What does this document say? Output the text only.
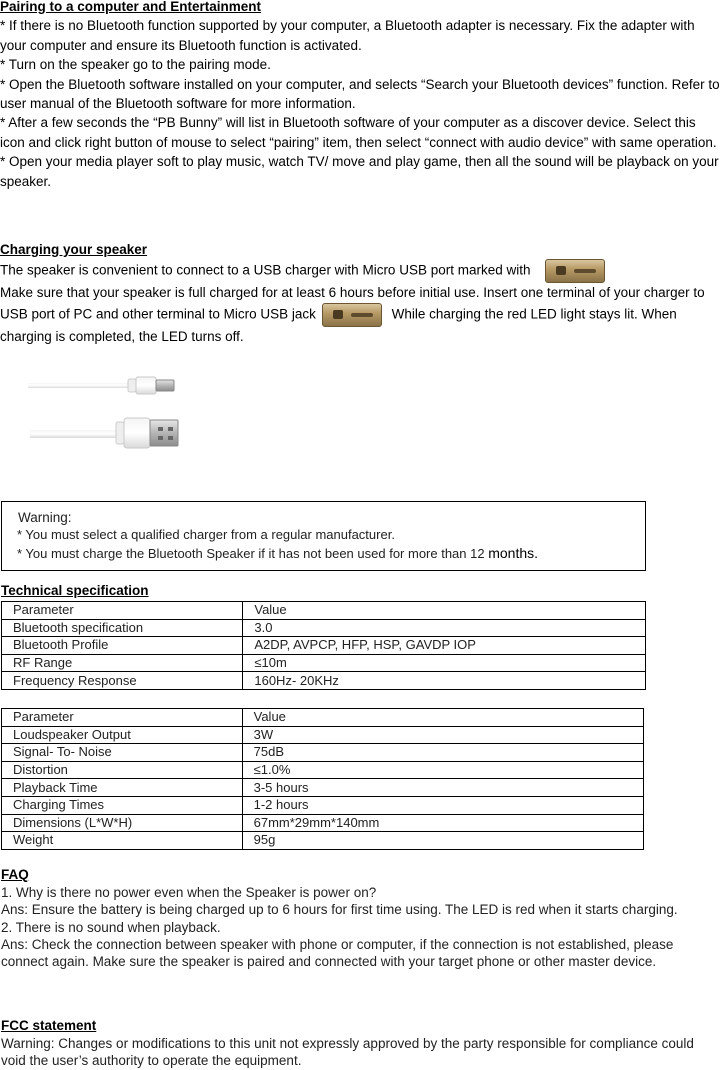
Pairing to a computer and Entertainment
* If there is no Bluetooth function supported by your computer, a Bluetooth adapter is necessary. Fix the adapter with your computer and ensure its Bluetooth function is activated.
* Turn on the speaker go to the pairing mode.
* Open the Bluetooth software installed on your computer, and selects “Search your Bluetooth devices” function. Refer to user manual of the Bluetooth software for more information.
* After a few seconds the “PB Bunny” will list in Bluetooth software of your computer as a discover device. Select this icon and click right button of mouse to select “pairing” item, then select “connect with audio device” with same operation.
* Open your media player soft to play music, watch TV/ move and play game, then all the sound will be playback on your speaker.
Charging your speaker
The speaker is convenient to connect to a USB charger with Micro USB port marked with
Make sure that your speaker is full charged for at least 6 hours before initial use. Insert one terminal of your charger to USB port of PC and other terminal to Micro USB jack	While charging the red LED light stays lit. When charging is completed, the LED turns off.
Warning:
* You must select a qualified charger from a regular manufacturer.
* You must charge the Bluetooth Speaker if it has not been used for more than 12 months.
Technical specification
Parameter	Value
Bluetooth specification	3.0
Bluetooth Profile	A2DP, AVPCP, HFP, HSP, GAVDP IOP
RF Range	≤10m
Frequency Response	160Hz- 20KHz
Parameter	Value
Loudspeaker Output	3W
Signal- To- Noise	75dB
Distortion	≤1.0%
Playback Time	3-5 hours
Charging Times	1-2 hours
Dimensions (L*W*H)	67mm*29mm*140mm
Weight	95g
FAQ
1. Why is there no power even when the Speaker is power on?
Ans: Ensure the battery is being charged up to 6 hours for first time using. The LED is red when it starts charging.
2. There is no sound when playback.
Ans: Check the connection between speaker with phone or computer, if the connection is not established, please connect again. Make sure the speaker is paired and connected with your target phone or other master device.
FCC statement
Warning: Changes or modifications to this unit not expressly approved by the party responsible for compliance could void the user’s authority to operate the equipment.
